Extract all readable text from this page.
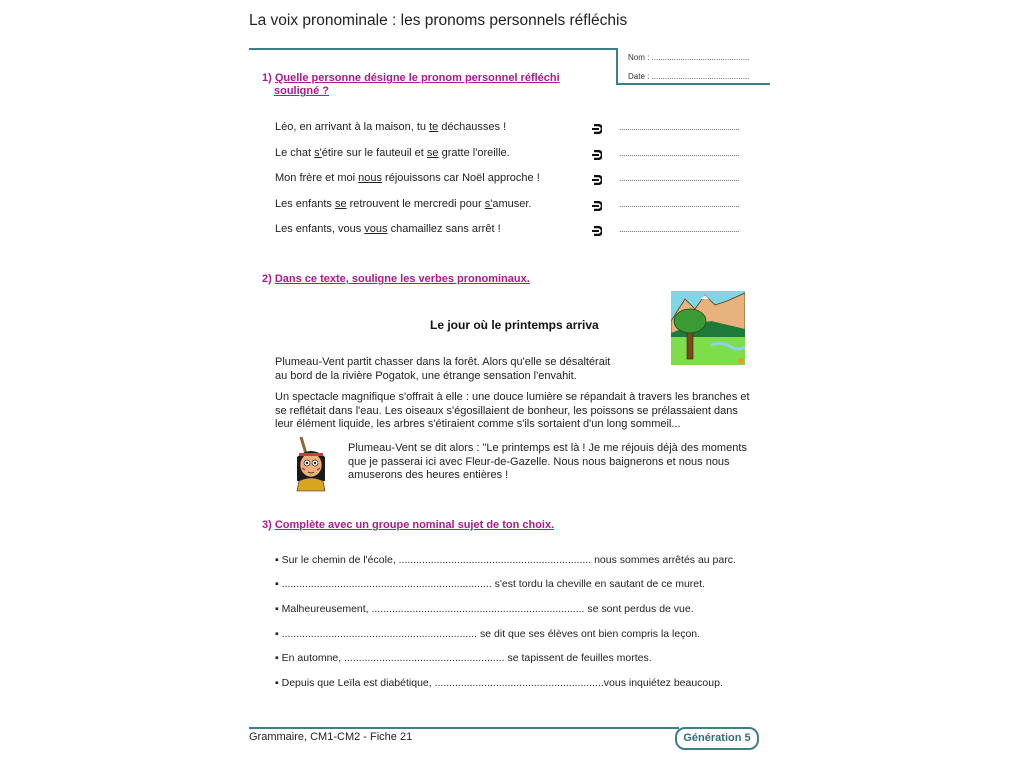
La voix pronominale : les pronoms personnels réfléchis
Nom : ............................................
Date : ............................................
1) Quelle personne désigne le pronom personnel réfléchi
souligné ?
Léo, en arrivant à la maison, tu te déchausses !
Le chat s'étire sur le fauteuil et se gratte l'oreille.
Mon frère et moi nous réjouissons car Noël approche !
Les enfants se retrouvent le mercredi pour s'amuser.
Les enfants, vous vous chamaillez sans arrêt !
............................................................
............................................................
............................................................
............................................................
............................................................
2) Dans ce texte, souligne les verbes pronominaux.
Le jour où le printemps arriva
Plumeau-Vent partit chasser dans la forêt. Alors qu'elle se désaltérait
au bord de la rivière Pogatok, une étrange sensation l'envahit.
Un spectacle magnifique s'offrait à elle : une douce lumière se répandait à travers les branches et
se reflétait dans l'eau. Les oiseaux s'égosillaient de bonheur, les poissons se prélassaient dans
leur élément liquide, les arbres s'étiraient comme s'ils sortaient d'un long sommeil...
Plumeau-Vent se dit alors : "Le printemps est là ! Je me réjouis déjà des moments
que je passerai ici avec Fleur-de-Gazelle. Nous nous baignerons et nous nous
amuserons des heures entières !
3) Complète avec un groupe nominal sujet de ton choix.
▪ Sur le chemin de l'école, .................................................................. nous sommes arrêtés au parc.
▪ ........................................................................ s'est tordu la cheville en sautant de ce muret.
▪ Malheureusement, ......................................................................... se sont perdus de vue.
▪ ................................................................... se dit que ses élèves ont bien compris la leçon.
▪ En automne, ....................................................... se tapissent de feuilles mortes.
▪ Depuis que Leïla est diabétique, ..........................................................vous inquiétez beaucoup.
Grammaire, CM1-CM2 - Fiche 21	Génération 5
